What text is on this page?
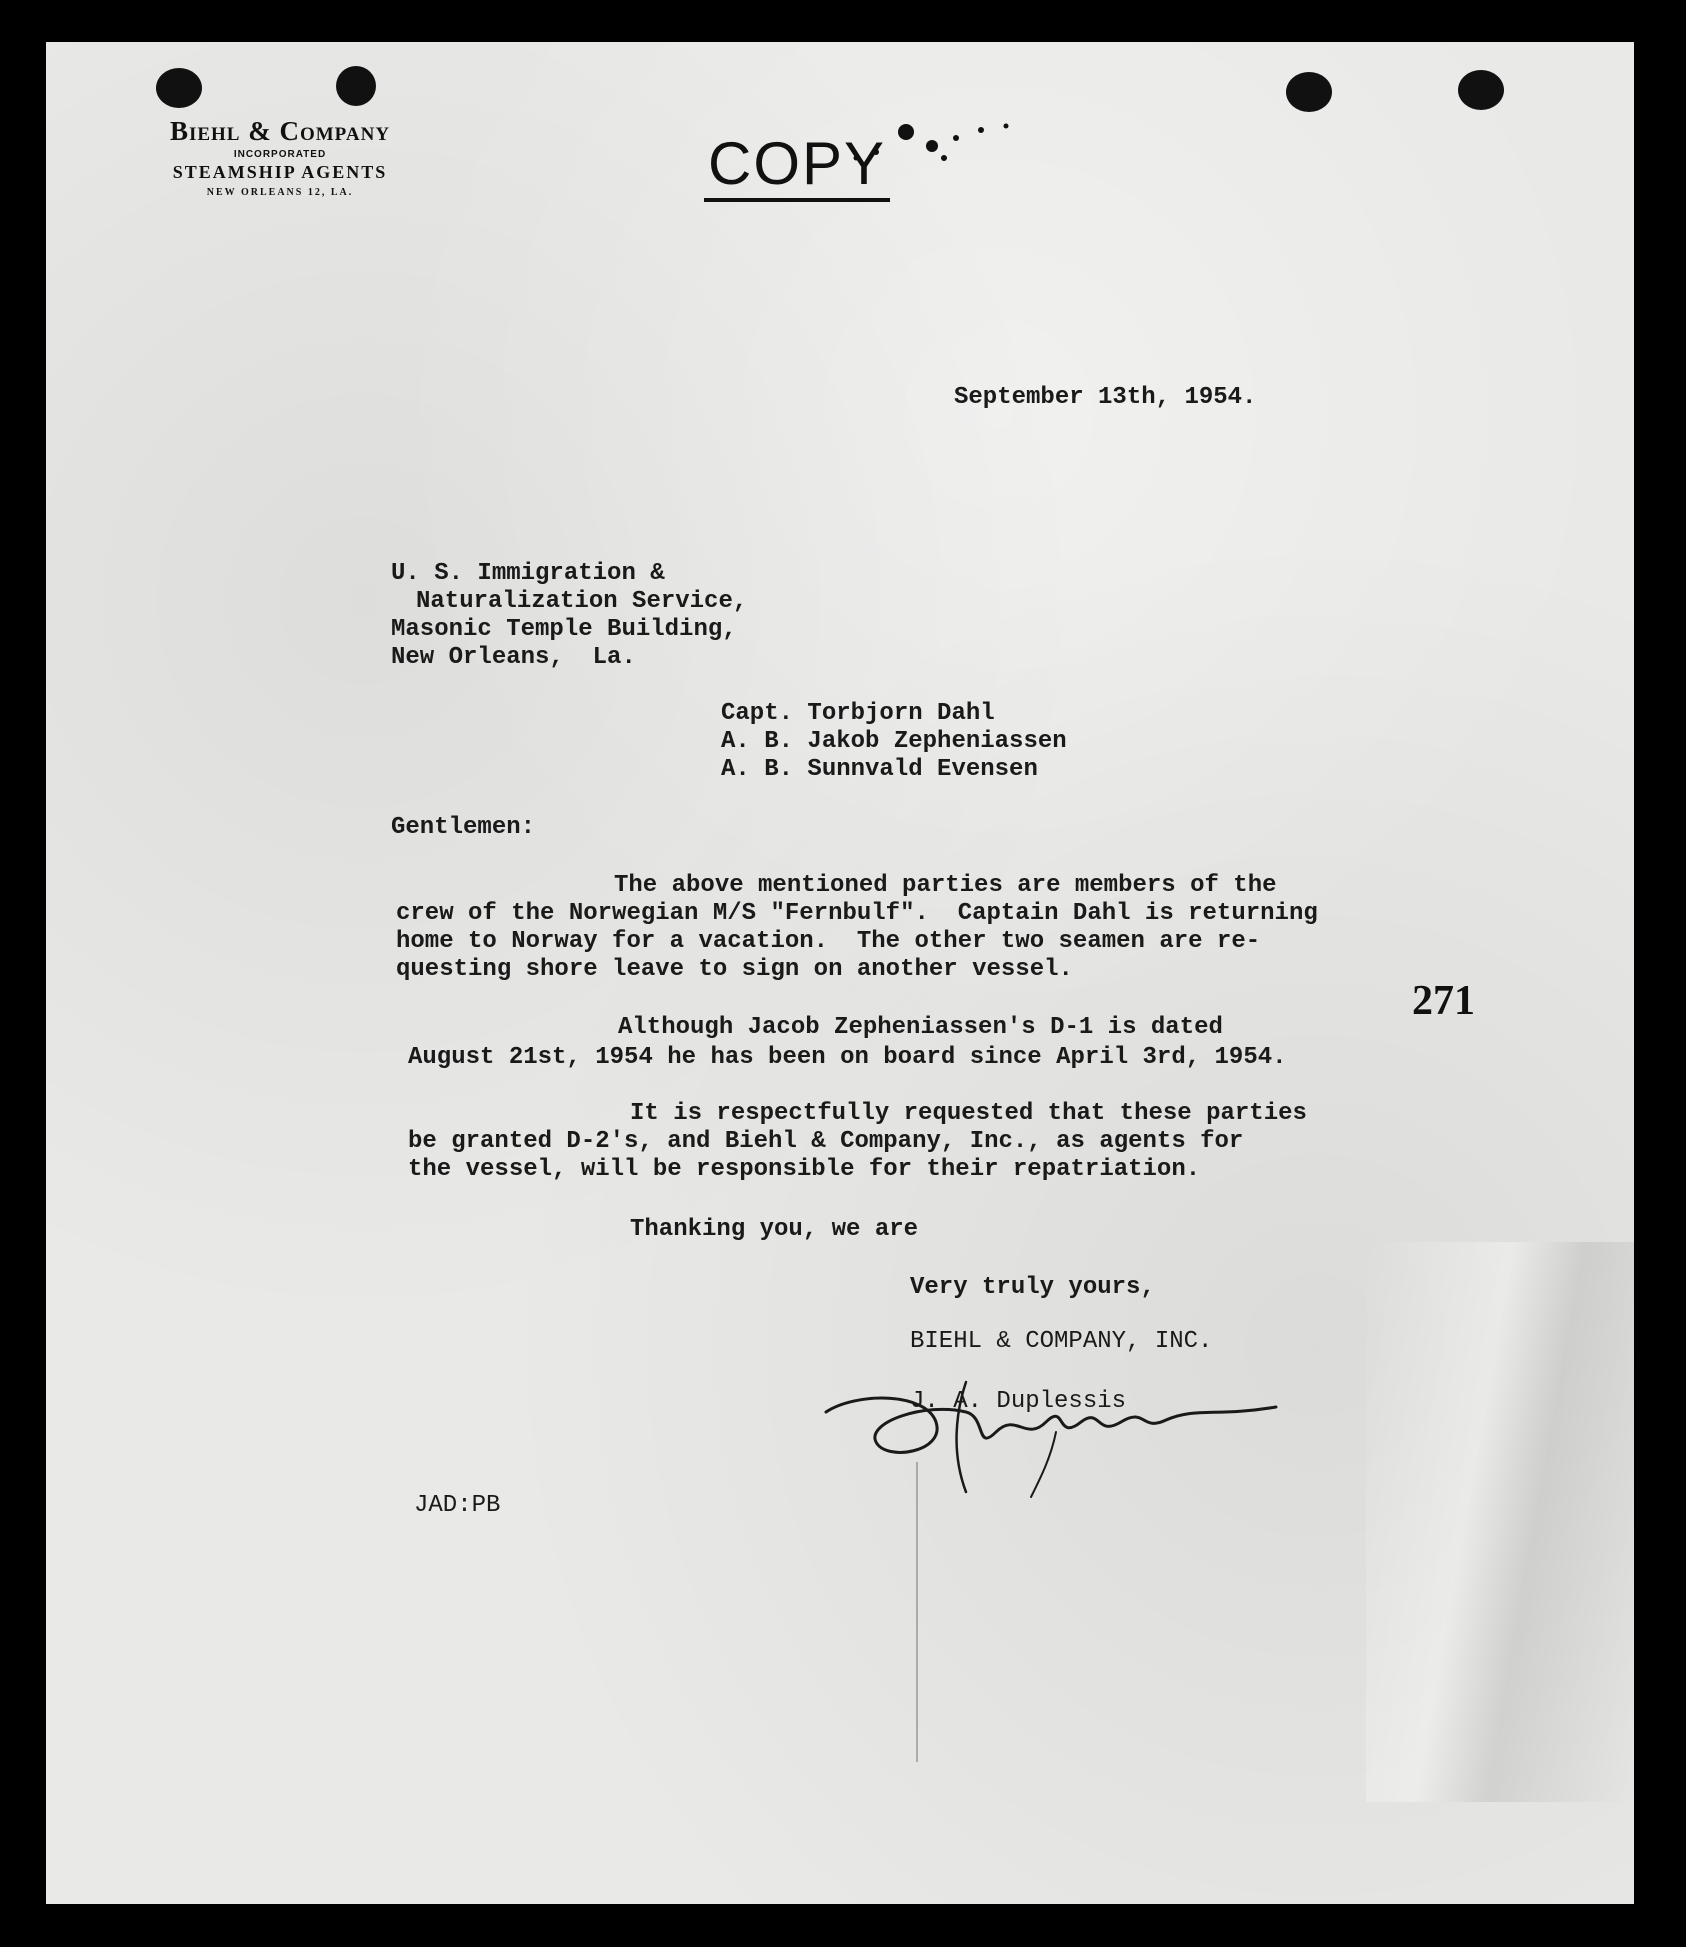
Biehl & Company
INCORPORATED
STEAMSHIP AGENTS
NEW ORLEANS 12, LA.	COPY
September 13th, 1954.
U. S. Immigration &
Naturalization Service,
Masonic Temple Building,
New Orleans,  La.
Capt. Torbjorn Dahl
A. B. Jakob Zepheniassen
A. B. Sunnvald Evensen
Gentlemen:
The above mentioned parties are members of the
crew of the Norwegian M/S "Fernbulf".  Captain Dahl is returning
home to Norway for a vacation.  The other two seamen are re-
questing shore leave to sign on another vessel.
271
Although Jacob Zepheniassen's D-1 is dated
August 21st, 1954 he has been on board since April 3rd, 1954.
It is respectfully requested that these parties
be granted D-2's, and Biehl & Company, Inc., as agents for
the vessel, will be responsible for their repatriation.
Thanking you, we are
Very truly yours,
BIEHL & COMPANY, INC.
J. A. Duplessis
JAD:PB
